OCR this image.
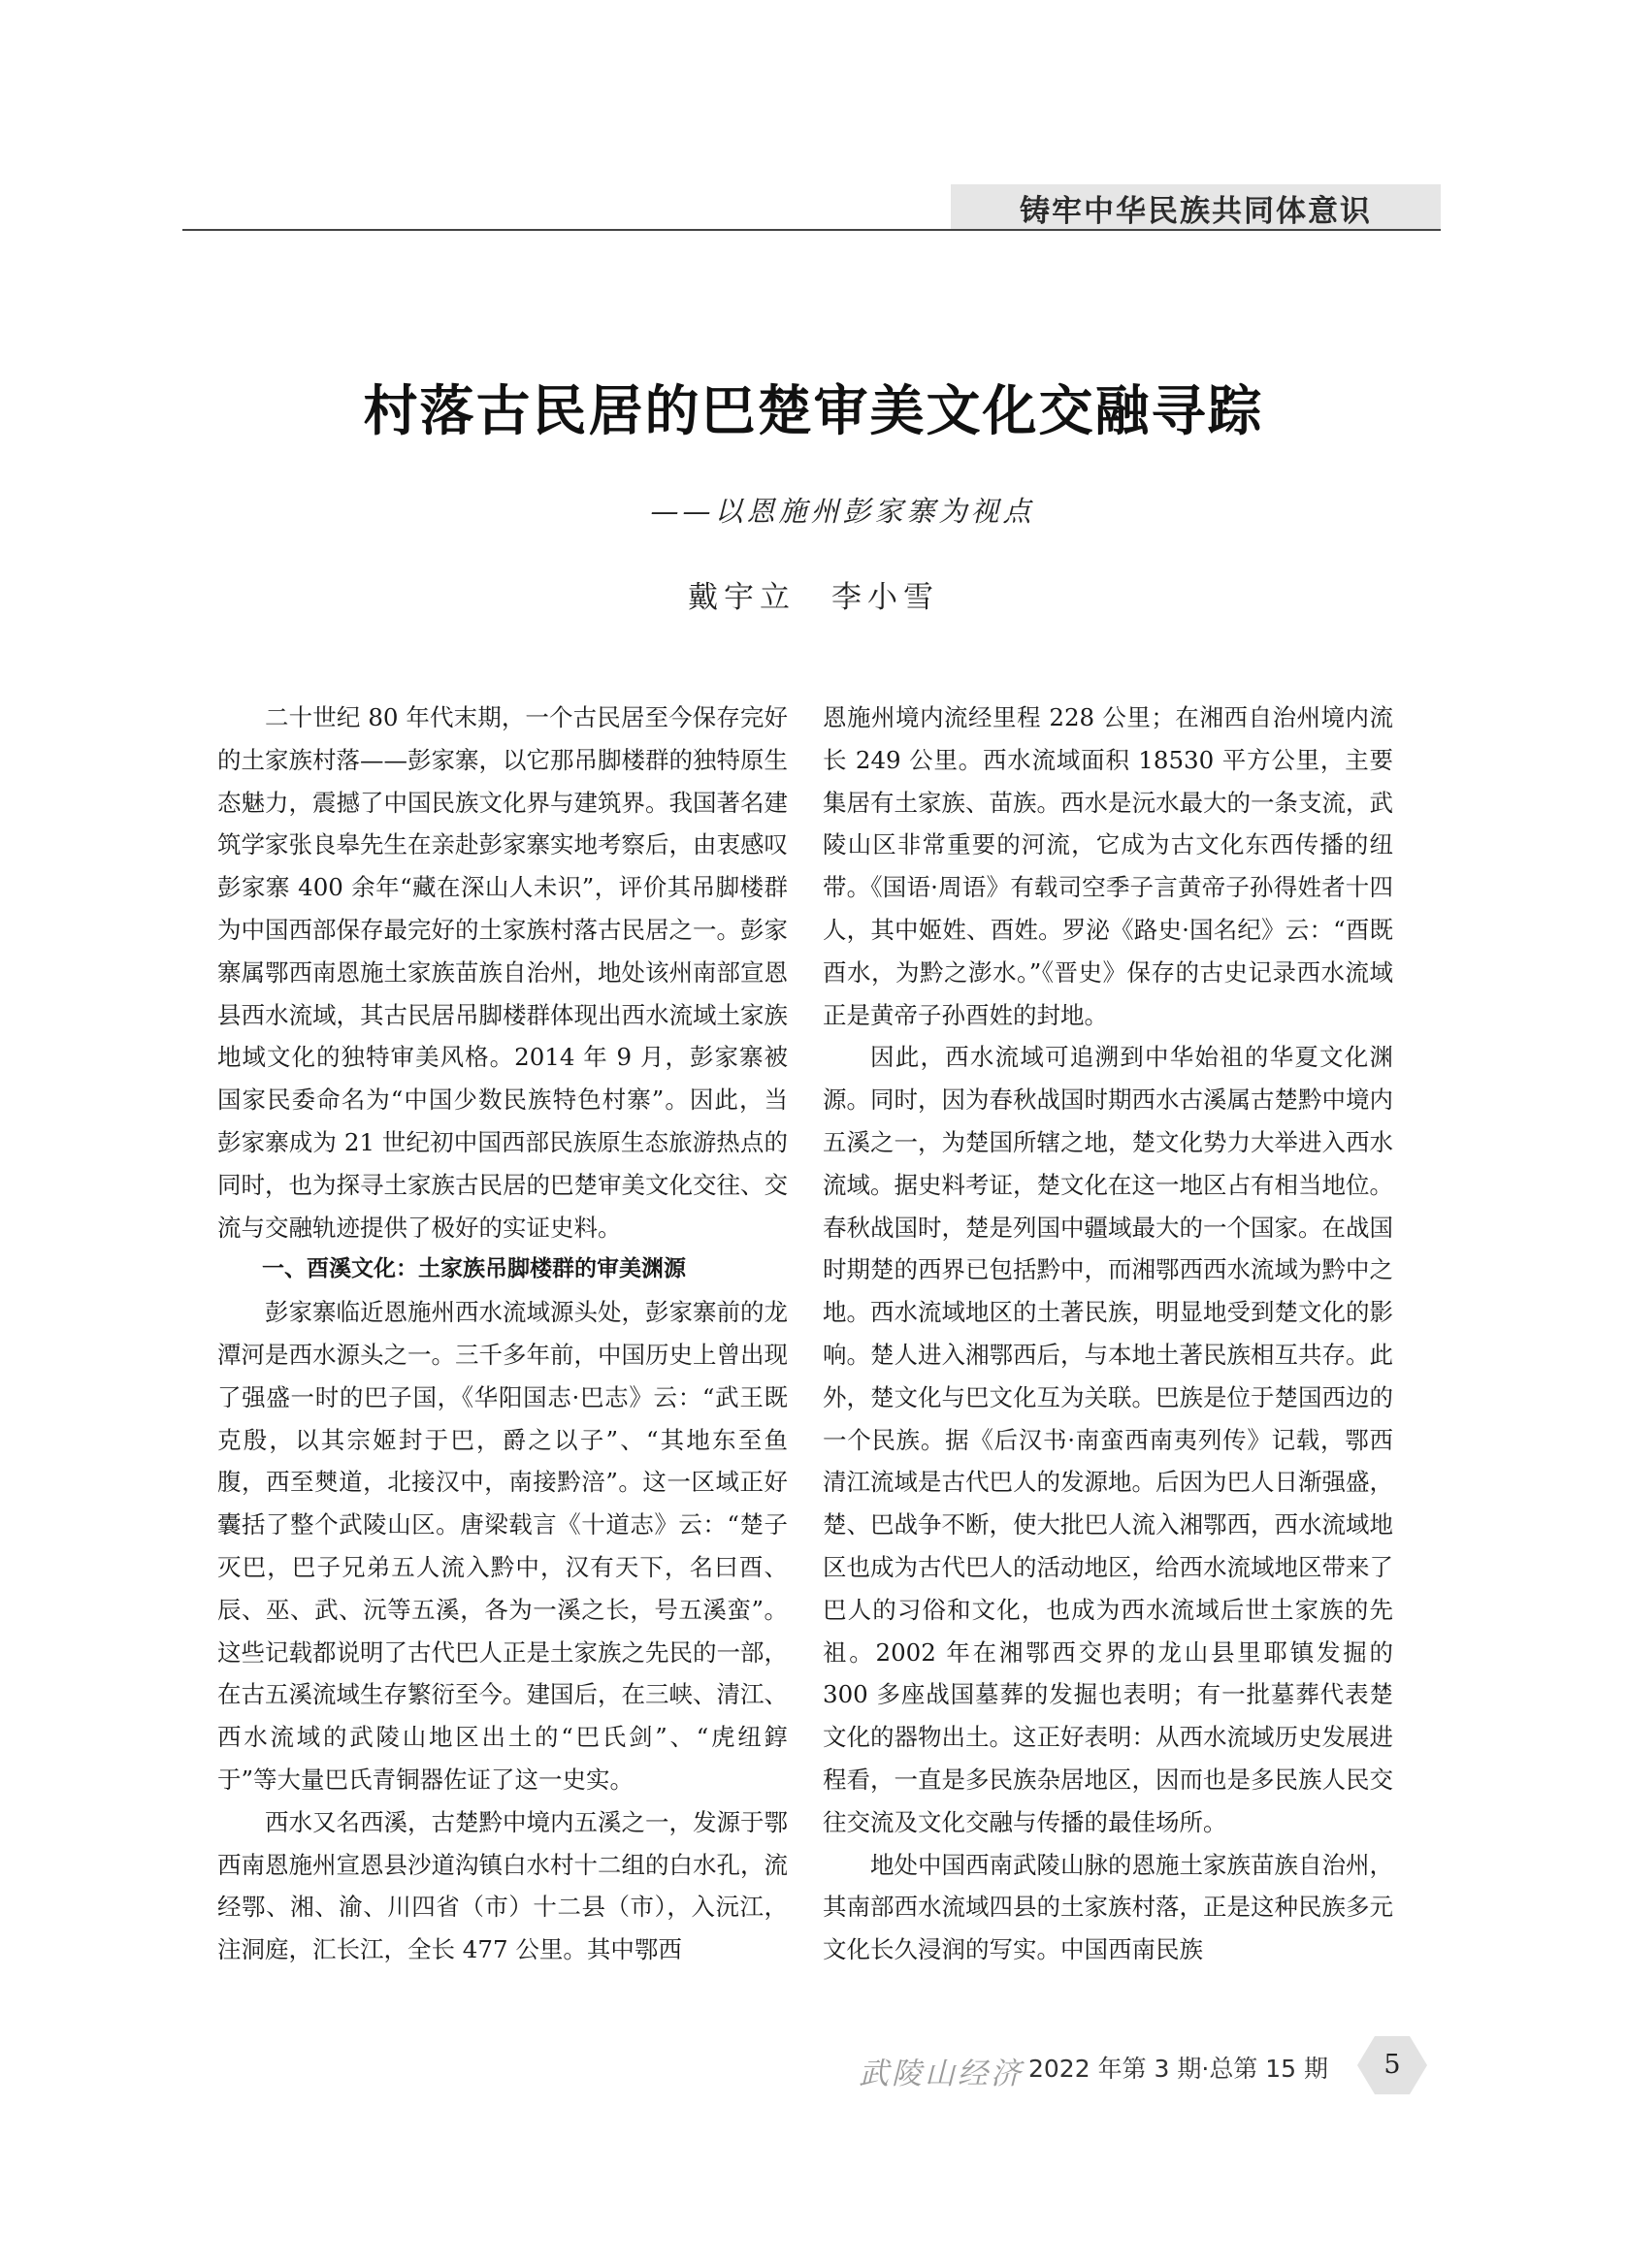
铸牢中华民族共同体意识
村落古民居的巴楚审美文化交融寻踪
——以恩施州彭家寨为视点
戴宇立　李小雪

二十世纪 80 年代末期，一个古民居至今保存完好的土家族村落——彭家寨，以它那吊脚楼群的独特原生态魅力，震撼了中国民族文化界与建筑界。我国著名建筑学家张良皋先生在亲赴彭家寨实地考察后，由衷感叹彭家寨 400 余年“藏在深山人未识”，评价其吊脚楼群为中国西部保存最完好的土家族村落古民居之一。彭家寨属鄂西南恩施土家族苗族自治州，地处该州南部宣恩县西水流域，其古民居吊脚楼群体现出西水流域土家族地域文化的独特审美风格。2014 年 9 月，彭家寨被国家民委命名为“中国少数民族特色村寨”。因此，当彭家寨成为 21 世纪初中国西部民族原生态旅游热点的同时，也为探寻土家族古民居的巴楚审美文化交往、交流与交融轨迹提供了极好的实证史料。

一、酉溪文化：土家族吊脚楼群的审美渊源

彭家寨临近恩施州西水流域源头处，彭家寨前的龙潭河是西水源头之一。三千多年前，中国历史上曾出现了强盛一时的巴子国，《华阳国志·巴志》云：“武王既克殷，以其宗姬封于巴，爵之以子”、“其地东至鱼腹，西至僰道，北接汉中，南接黔涪”。这一区域正好囊括了整个武陵山区。唐梁载言《十道志》云：“楚子灭巴，巴子兄弟五人流入黔中，汉有天下，名曰酉、辰、巫、武、沅等五溪，各为一溪之长，号五溪蛮”。这些记载都说明了古代巴人正是土家族之先民的一部，在古五溪流域生存繁衍至今。建国后，在三峡、清江、西水流域的武陵山地区出土的“巴氏剑”、“虎纽錞于”等大量巴氏青铜器佐证了这一史实。

西水又名西溪，古楚黔中境内五溪之一，发源于鄂西南恩施州宣恩县沙道沟镇白水村十二组的白水孔，流经鄂、湘、渝、川四省（市）十二县（市），入沅江，注洞庭，汇长江，全长 477 公里。其中鄂西

恩施州境内流经里程 228 公里；在湘西自治州境内流长 249 公里。西水流域面积 18530 平方公里，主要集居有土家族、苗族。西水是沅水最大的一条支流，武陵山区非常重要的河流，它成为古文化东西传播的纽带。《国语·周语》有载司空季子言黄帝子孙得姓者十四人，其中姬姓、酉姓。罗泌《路史·国名纪》云：“酉既酉水，为黔之澎水。”《晋史》保存的古史记录西水流域正是黄帝子孙酉姓的封地。

因此，西水流域可追溯到中华始祖的华夏文化渊源。同时，因为春秋战国时期西水古溪属古楚黔中境内五溪之一，为楚国所辖之地，楚文化势力大举进入西水流域。据史料考证，楚文化在这一地区占有相当地位。春秋战国时，楚是列国中疆域最大的一个国家。在战国时期楚的西界已包括黔中，而湘鄂西西水流域为黔中之地。西水流域地区的土著民族，明显地受到楚文化的影响。楚人进入湘鄂西后，与本地土著民族相互共存。此外，楚文化与巴文化互为关联。巴族是位于楚国西边的一个民族。据《后汉书·南蛮西南夷列传》记载，鄂西清江流域是古代巴人的发源地。后因为巴人日渐强盛，楚、巴战争不断，使大批巴人流入湘鄂西，西水流域地区也成为古代巴人的活动地区，给西水流域地区带来了巴人的习俗和文化，也成为西水流域后世土家族的先祖。2002 年在湘鄂西交界的龙山县里耶镇发掘的 300 多座战国墓葬的发掘也表明；有一批墓葬代表楚文化的器物出土。这正好表明：从西水流域历史发展进程看，一直是多民族杂居地区，因而也是多民族人民交往交流及文化交融与传播的最佳场所。

地处中国西南武陵山脉的恩施土家族苗族自治州，其南部西水流域四县的土家族村落，正是这种民族多元文化长久浸润的写实。中国西南民族

武陵山经济 2022 年第 3 期·总第 15 期	5
